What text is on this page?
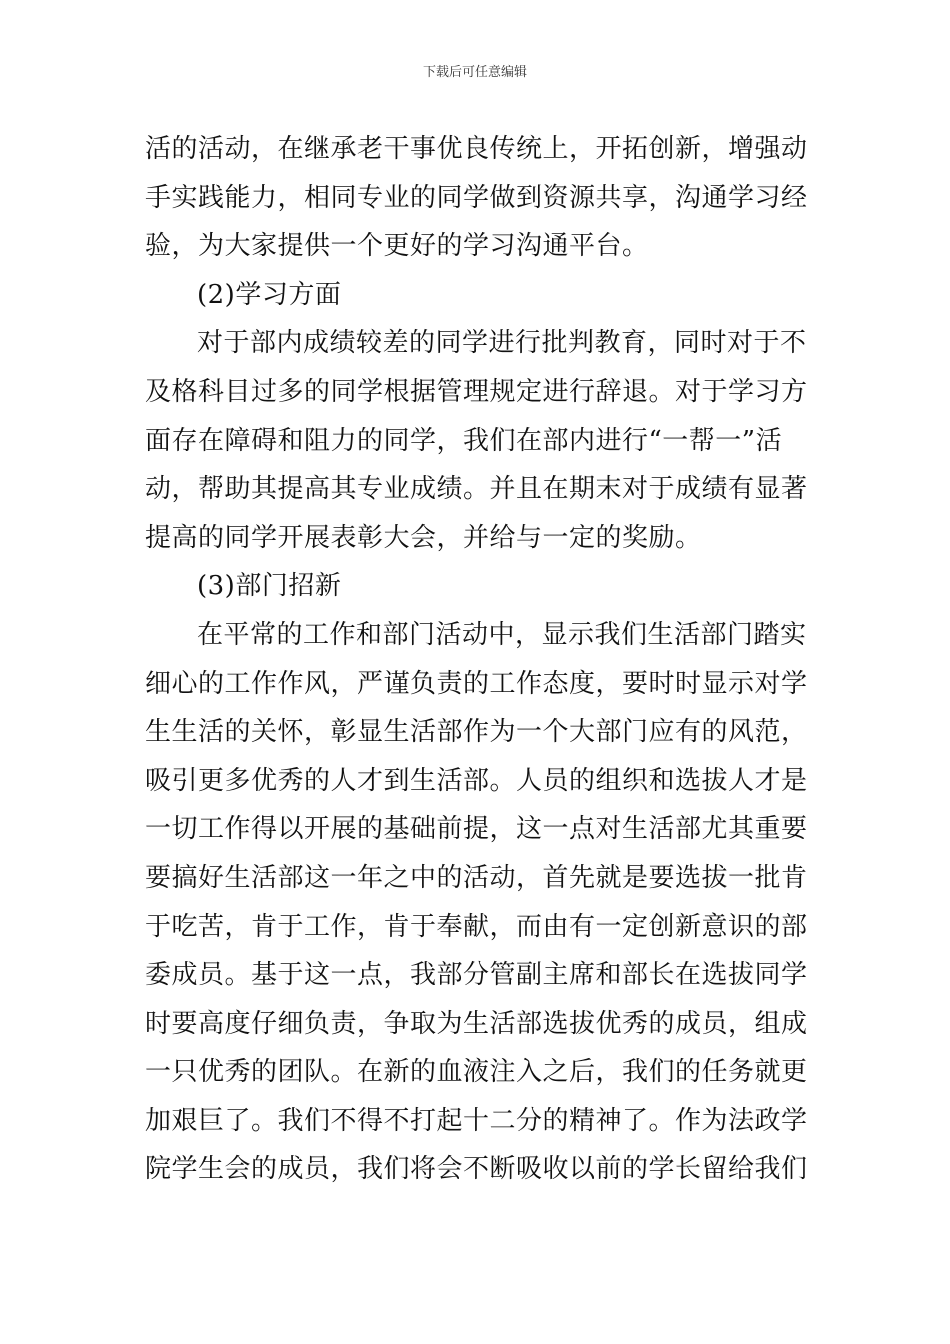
下载后可任意编辑
活的活动，在继承老干事优良传统上，开拓创新，增强动
手实践能力，相同专业的同学做到资源共享，沟通学习经
验，为大家提供一个更好的学习沟通平台。
(2)学习方面
对于部内成绩较差的同学进行批判教育，同时对于不
及格科目过多的同学根据管理规定进行辞退。对于学习方
面存在障碍和阻力的同学，我们在部内进行“一帮一”活
动，帮助其提高其专业成绩。并且在期末对于成绩有显著
提高的同学开展表彰大会，并给与一定的奖励。
(3)部门招新
在平常的工作和部门活动中，显示我们生活部门踏实
细心的工作作风，严谨负责的工作态度，要时时显示对学
生生活的关怀，彰显生活部作为一个大部门应有的风范，
吸引更多优秀的人才到生活部。人员的组织和选拔人才是
一切工作得以开展的基础前提，这一点对生活部尤其重要
要搞好生活部这一年之中的活动，首先就是要选拔一批肯
于吃苦，肯于工作，肯于奉献，而由有一定创新意识的部
委成员。基于这一点，我部分管副主席和部长在选拔同学
时要高度仔细负责，争取为生活部选拔优秀的成员，组成
一只优秀的团队。在新的血液注入之后，我们的任务就更
加艰巨了。我们不得不打起十二分的精神了。作为法政学
院学生会的成员，我们将会不断吸收以前的学长留给我们
